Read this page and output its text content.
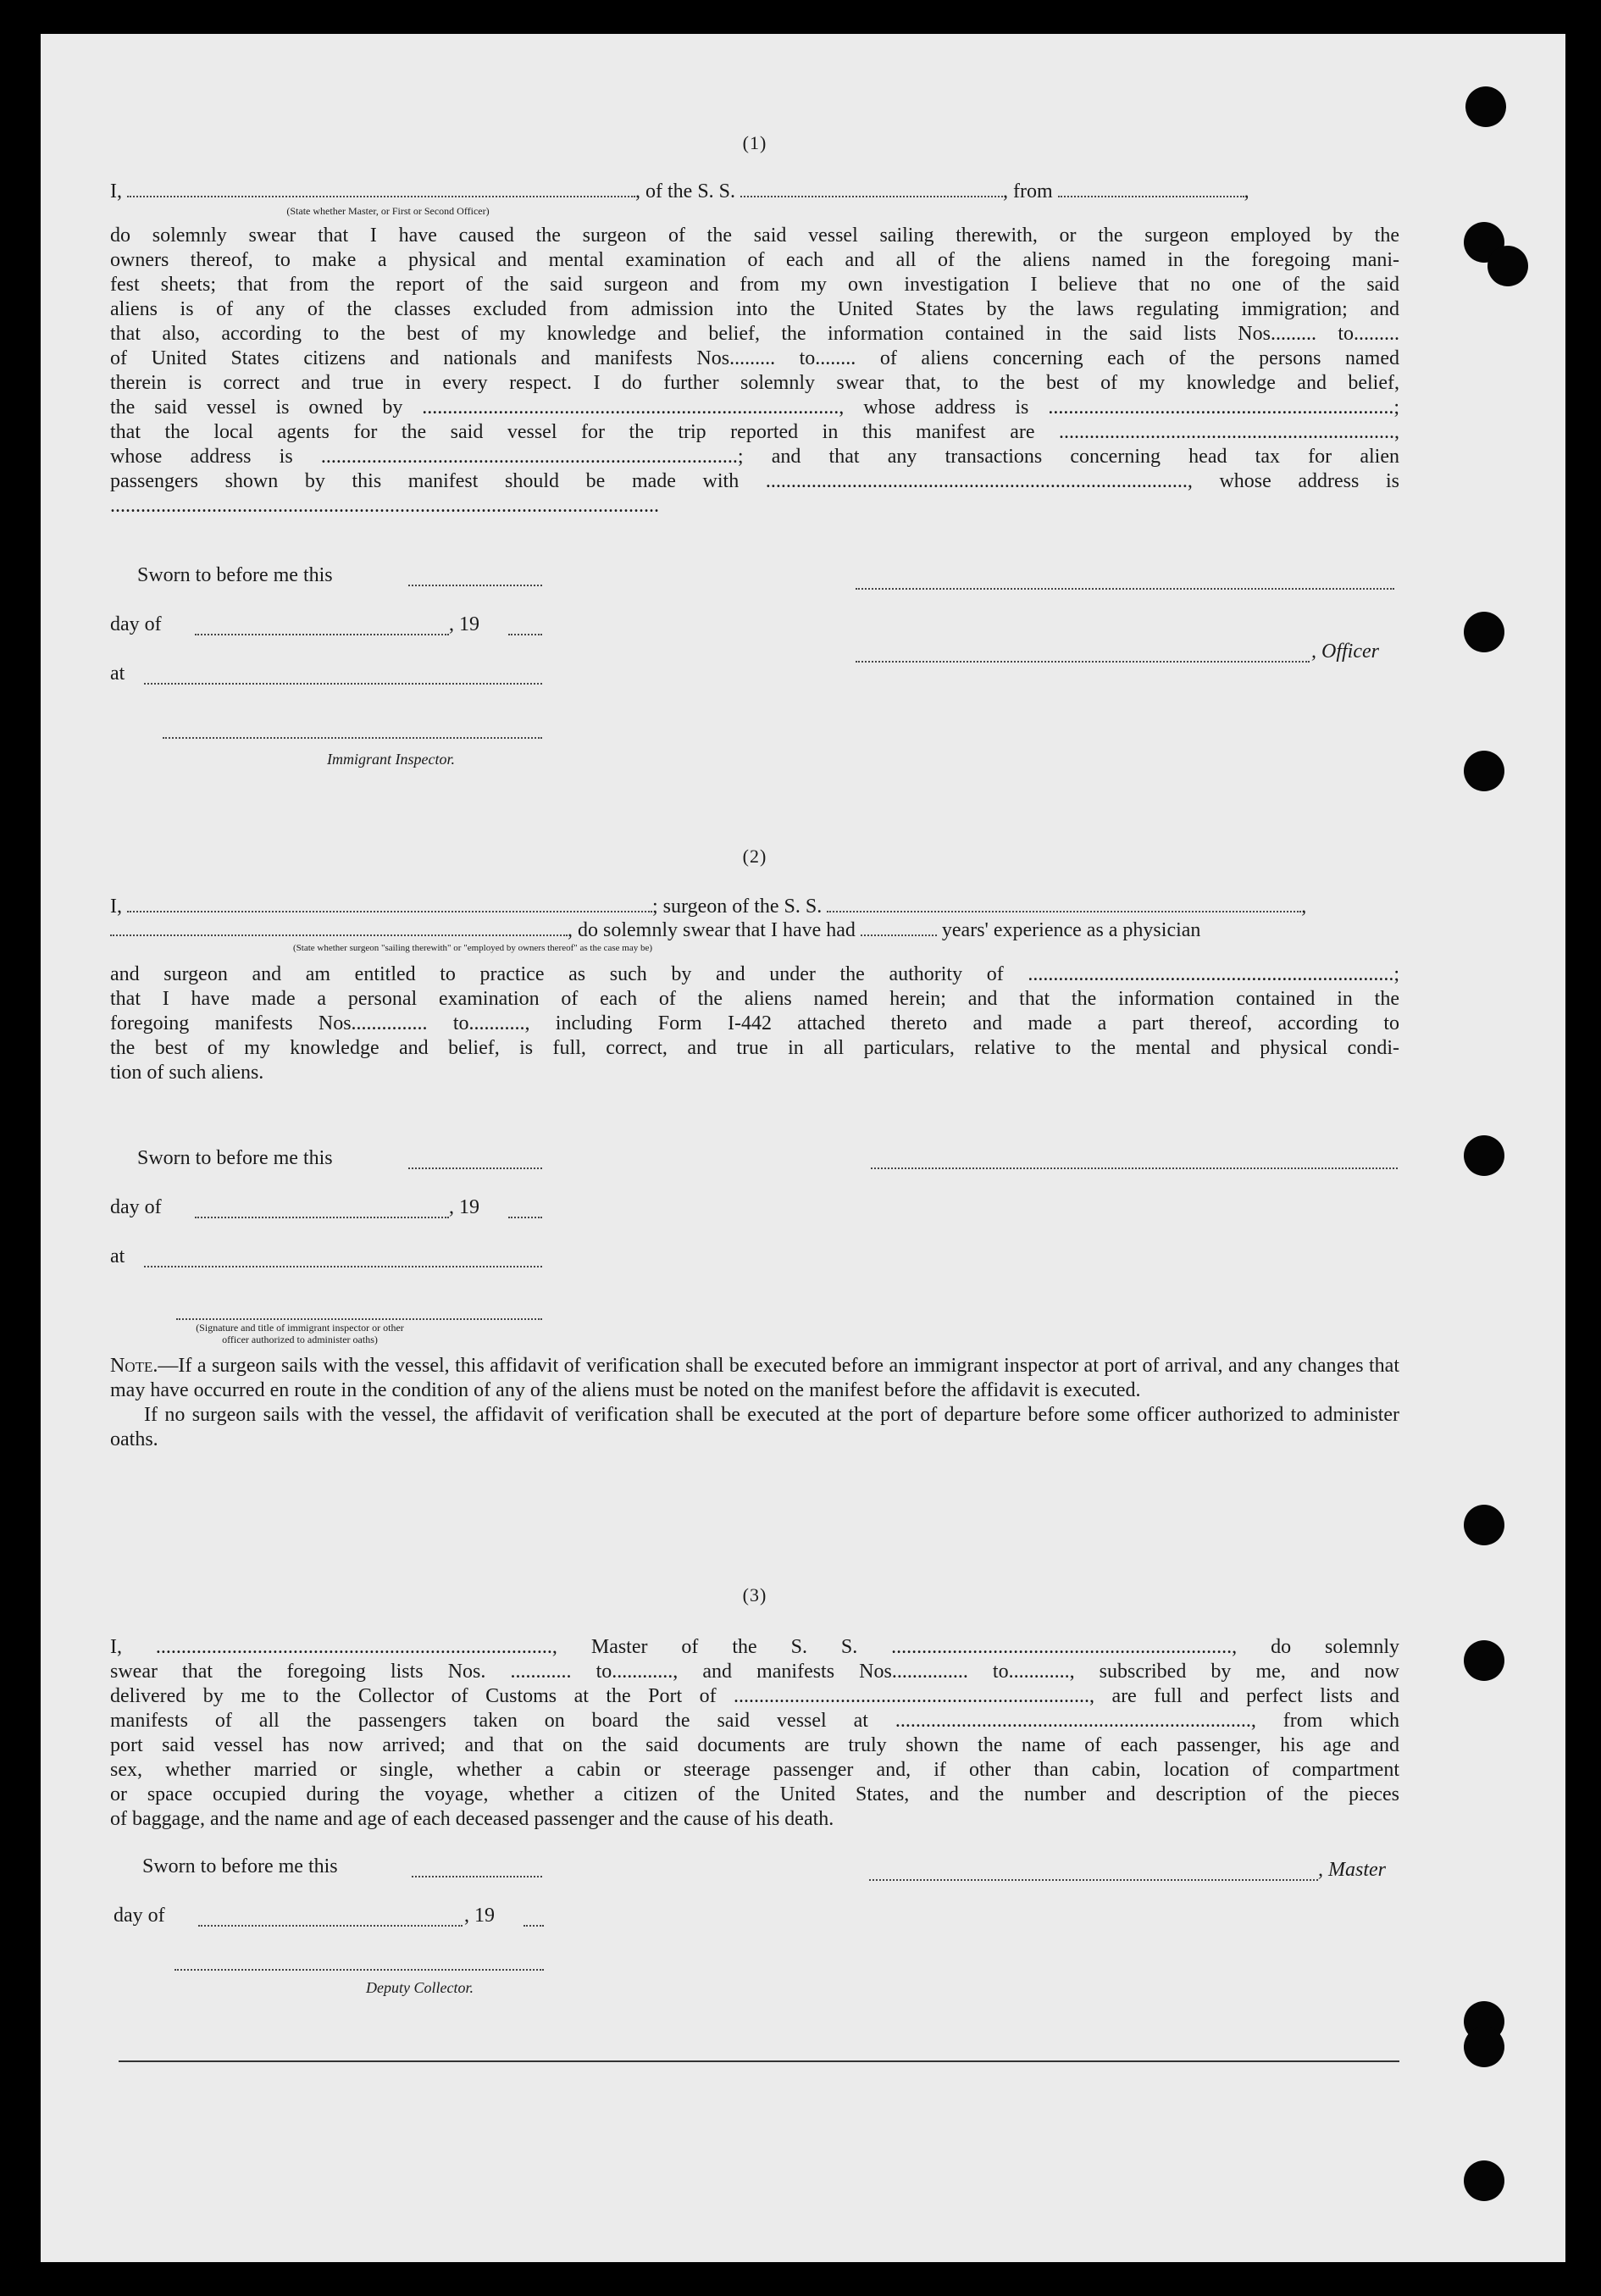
(1)
I,	, of the S. S.	, from	,
(State whether Master, or First or Second Officer)
do solemnly swear that I have caused the surgeon of the said vessel sailing therewith, or the surgeon employed by the
owners thereof, to make a physical and mental examination of each and all of the aliens named in the foregoing mani-
fest sheets; that from the report of the said surgeon and from my own investigation I believe that no one of the said
aliens is of any of the classes excluded from admission into the United States by the laws regulating immigration; and
that also, according to the best of my knowledge and belief, the information contained in the said lists Nos......... to.........
of United States citizens and nationals and manifests Nos......... to........ of aliens concerning each of the persons named
therein is correct and true in every respect. I do further solemnly swear that, to the best of my knowledge and belief,
the said vessel is owned by .................................................................................., whose address is ....................................................................;
that the local agents for the said vessel for the trip reported in this manifest are ..................................................................,
whose address is ..................................................................................; and that any transactions concerning head tax for alien
passengers shown by this manifest should be made with ..................................................................................., whose address is
............................................................................................................
Sworn to before me this
day of	, 19
at
Immigrant Inspector.
, Officer
(2)
I,	; surgeon of the S. S.	,
, do solemnly swear that I have had	years' experience as a physician
(State whether surgeon "sailing therewith" or "employed by owners thereof" as the case may be)
and surgeon and am entitled to practice as such by and under the authority of ........................................................................;
that I have made a personal examination of each of the aliens named herein; and that the information contained in the
foregoing manifests Nos............... to..........., including Form I-442 attached thereto and made a part thereof, according to
the best of my knowledge and belief, is full, correct, and true in all particulars, relative to the mental and physical condi-
tion of such aliens.
Sworn to before me this
day of	, 19
at
(Signature and title of immigrant inspector or other officer authorized to administer oaths)
Note.—If a surgeon sails with the vessel, this affidavit of verification shall be executed before an immigrant inspector at port of arrival, and any changes that may have occurred en route in the condition of any of the aliens must be noted on the manifest before the affidavit is executed.
If no surgeon sails with the vessel, the affidavit of verification shall be executed at the port of departure before some officer authorized to administer oaths.
(3)
I, .............................................................................., Master of the S. S. ..................................................................., do solemnly
swear that the foregoing lists Nos. ............ to............, and manifests Nos............... to............, subscribed by me, and now
delivered by me to the Collector of Customs at the Port of ......................................................................, are full and perfect lists and
manifests of all the passengers taken on board the said vessel at ......................................................................, from which
port said vessel has now arrived; and that on the said documents are truly shown the name of each passenger, his age and
sex, whether married or single, whether a cabin or steerage passenger and, if other than cabin, location of compartment
or space occupied during the voyage, whether a citizen of the United States, and the number and description of the pieces
of baggage, and the name and age of each deceased passenger and the cause of his death.
Sworn to before me this	, Master
day of	, 19
Deputy Collector.
